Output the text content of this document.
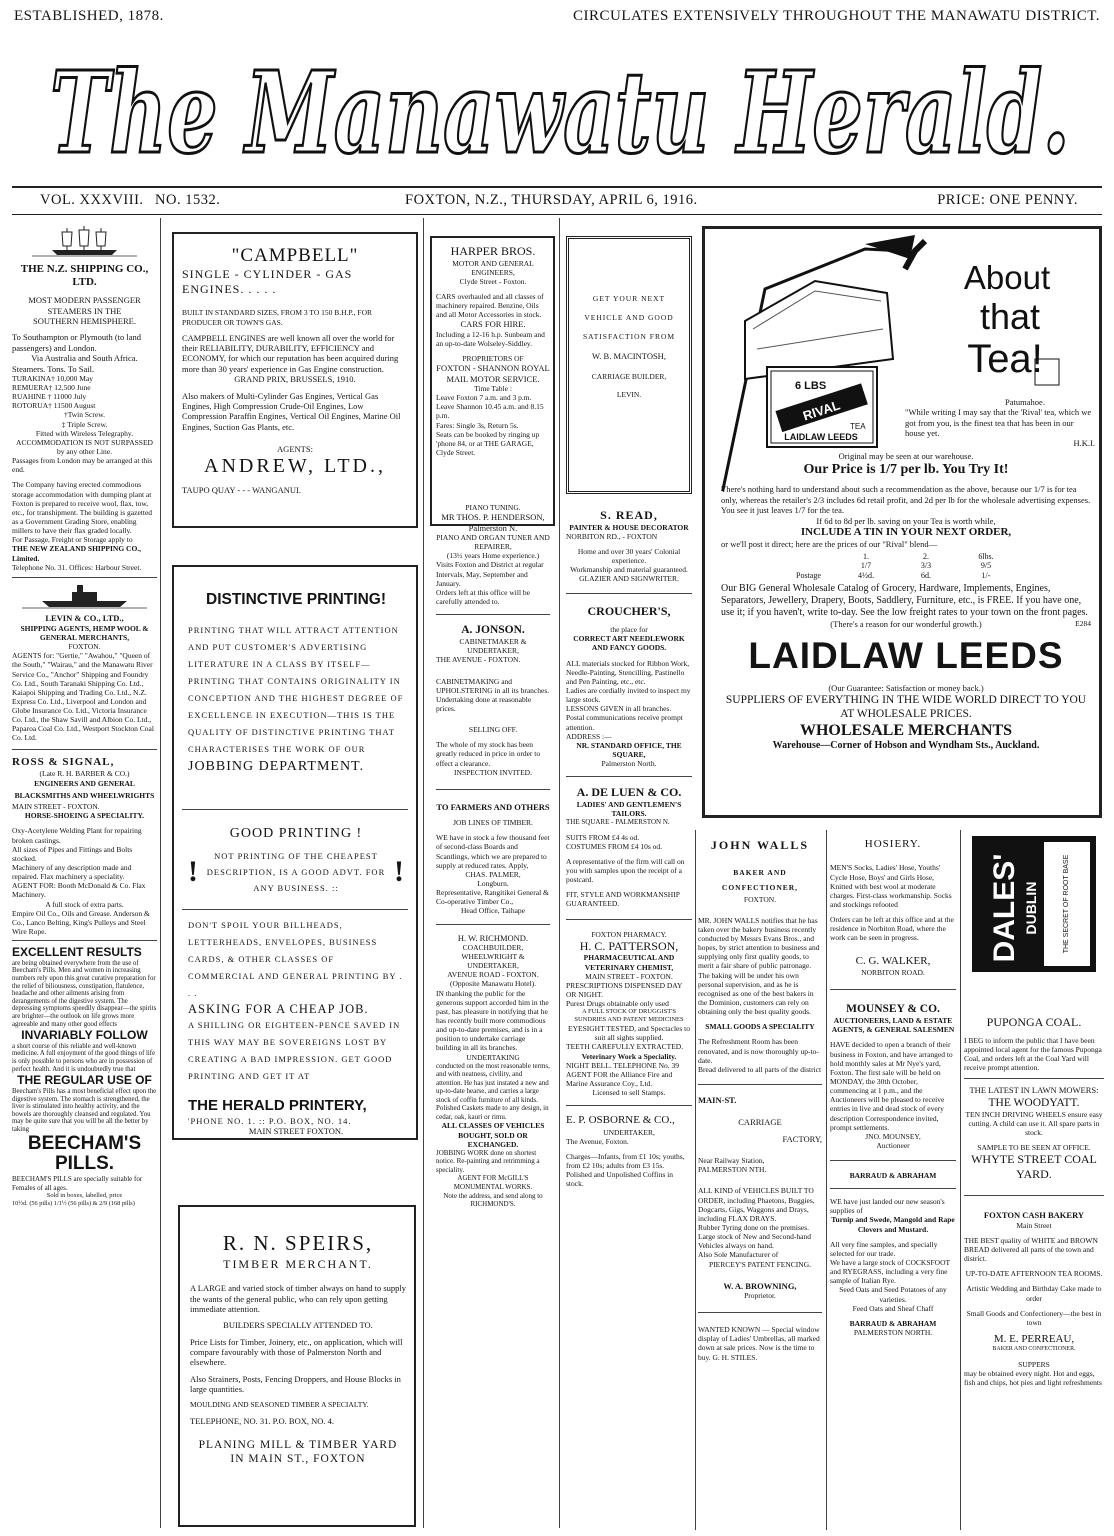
ESTABLISHED, 1878.	CIRCULATES EXTENSIVELY THROUGHOUT THE MANAWATU DISTRICT.
The Manawatu Herald.
VOL. XXXVIII. NO. 1532.	FOXTON, N.Z., THURSDAY, APRIL 6, 1916.	PRICE: ONE PENNY.

THE N.Z. SHIPPING CO., LTD.

MOST MODERN PASSENGER

STEAMERS IN THE

SOUTHERN HEMISPHERE.

To Southampton or Plymouth (to land passengers) and London.

Via Australia and South Africa.

Steamers. Tons. To Sail.

TURAKINA† 10,000 May

REMUERA† 12,500 June

RUAHINE † 11000 July

ROTORUA† 11500 August

†Twin Screw.

‡ Triple Screw.

Fitted with Wireless Telegraphy.

ACCOMMODATION IS NOT SURPASSED by any other Line.

Passages from London may be arranged at this end.

The Company having erected commodious storage accommodation with dumping plant at Foxton is prepared to receive wool, flax, tow, etc., for transhipment. The building is gazetted as a Government Grading Store, enabling millers to have their flax graded locally.

For Passage, Freight or Storage apply to

THE NEW ZEALAND SHIPPING CO., Limited.

Telephone No. 31. Offices: Harbour Street.

LEVIN & CO., LTD.,

SHIPPING AGENTS, HEMP WOOL & GENERAL MERCHANTS,

FOXTON.

AGENTS for: "Gertie," "Awahou," "Queen of the South," "Wairau," and the Manawatu River Service Co., "Anchor" Shipping and Foundry Co. Ltd., South Taranaki Shipping Co. Ltd., Kaiapoi Shipping and Trading Co. Ltd., N.Z. Express Co. Ltd., Liverpool and London and Globe Insurance Co. Ltd., Victoria Insurance Co. Ltd., the Shaw Savill and Albion Co. Ltd., Paparoa Coal Co. Ltd., Westport Stockton Coal Co. Ltd.

ROSS & SIGNAL,

(Late R. H. BARBER & CO.)

ENGINEERS AND GENERAL BLACKSMITHS AND WHEELWRIGHTS

MAIN STREET - FOXTON.

HORSE-SHOEING A SPECIALITY.

Oxy-Acetylene Welding Plant for repairing broken castings.

All sizes of Pipes and Fittings and Bolts stocked.

Machinery of any description made and repaired. Flax machinery a speciality.

AGENT FOR: Booth McDonald & Co. Flax Machinery.

A full stock of extra parts.

Empire Oil Co., Oils and Grease. Anderson & Co., Lanco Belting, King's Pulleys and Steel Wire Rope.

EXCELLENT RESULTS

are being obtained everywhere from the use of Beecham's Pills. Men and women in increasing numbers rely upon this great curative preparation for the relief of biliousness, constipation, flatulence, headache and other ailments arising from derangements of the digestive system. The depressing symptoms speedily disappear—the spirits are brighter—the outlook on life grows more agreeable and many other good effects

INVARIABLY FOLLOW

a short course of this reliable and well-known medicine. A full enjoyment of the good things of life is only possible to persons who are in possession of perfect health. And it is undoubtedly true that

THE REGULAR USE OF

Beecham's Pills has a most beneficial effect upon the digestive system. The stomach is strengthened, the liver is stimulated into healthy activity, and the bowels are thoroughly cleansed and regulated. You may be quite sure that you will be all the better by taking

BEECHAM'S

PILLS.

BEECHAM'S PILLS are specially suitable for Females of all ages.

Sold in boxes, labelled, price

10½d. (56 pills) 1/1½ (56 pills) & 2/9 (168 pills)

"CAMPBELL"

SINGLE - CYLINDER - GAS ENGINES. . . . .

BUILT IN STANDARD SIZES, FROM 3 TO 150 B.H.P., FOR PRODUCER OR TOWN'S GAS.

CAMPBELL ENGINES are well known all over the world for their RELIABILITY, DURABILITY, EFFICIENCY and ECONOMY, for which our reputation has been acquired during more than 30 years' experience in Gas Engine construction.

GRAND PRIX, BRUSSELS, 1910.

Also makers of Multi-Cylinder Gas Engines, Vertical Gas Engines, High Compression Crude-Oil Engines, Low Compression Paraffin Engines, Vertical Oil Engines, Marine Oil Engines, Suction Gas Plants, etc.

AGENTS:

ANDREW, LTD.,

TAUPO QUAY - - - WANGANUI.

DISTINCTIVE PRINTING!

PRINTING THAT WILL ATTRACT ATTENTION AND PUT CUSTOMER'S ADVERTISING LITERATURE IN A CLASS BY ITSELF—PRINTING THAT CONTAINS ORIGINALITY IN CONCEPTION AND THE HIGHEST DEGREE OF EXCELLENCE IN EXECUTION—THIS IS THE QUALITY OF DISTINCTIVE PRINTING THAT CHARACTERISES THE WORK OF OUR

JOBBING DEPARTMENT.

GOOD PRINTING !

!	NOT PRINTING OF THE CHEAPEST DESCRIPTION, IS A GOOD ADVT. FOR ANY BUSINESS. ::

!

DON'T SPOIL YOUR BILLHEADS, LETTERHEADS, ENVELOPES, BUSINESS CARDS, & OTHER CLASSES OF COMMERCIAL AND GENERAL PRINTING BY . . .

ASKING FOR A CHEAP JOB.

A SHILLING OR EIGHTEEN-PENCE SAVED IN THIS WAY MAY BE SOVEREIGNS LOST BY CREATING A BAD IMPRESSION. GET GOOD PRINTING AND GET IT AT

THE HERALD PRINTERY,

'PHONE NO. 1. :: P.O. BOX, NO. 14.

MAIN STREET FOXTON.

R. N. SPEIRS,

TIMBER MERCHANT.

A LARGE and varied stock of timber always on hand to supply the wants of the general public, who can rely upon getting immediate attention.

BUILDERS SPECIALLY ATTENDED TO.

Price Lists for Timber, Joinery, etc., on application, which will compare favourably with those of Palmerston North and elsewhere.

Also Strainers, Posts, Fencing Droppers, and House Blocks in large quantities.

MOULDING AND SEASONED TIMBER A SPECIALTY.

TELEPHONE, NO. 31. P.O. BOX, NO. 4.

PLANING MILL & TIMBER YARD IN MAIN ST., FOXTON

HARPER BROS.

MOTOR AND GENERAL ENGINEERS,

Clyde Street - Foxton.

CARS overhauled and all classes of machinery repaired. Benzine, Oils and all Motor Accessories in stock.

CARS FOR HIRE.

Including a 12-16 h.p. Sunbeam and an up-to-date Wolseley-Siddley.

PROPRIETORS OF

FOXTON - SHANNON ROYAL MAIL MOTOR SERVICE.

Time Table :

Leave Foxton 7 a.m. and 3 p.m.

Leave Shannon 10.45 a.m. and 8.15 p.m.

Fares: Single 3s, Return 5s.

Seats can be booked by ringing up 'phone 84, or at THE GARAGE, Clyde Street.

PIANO TUNING.

MR THOS. P. HENDERSON, Palmerston N.

PIANO AND ORGAN TUNER AND REPAIRER,

(13½ years Home experience.)

Visits Foxton and District at regular Intervals, May, September and January.

Orders left at this office will be carefully attended to.

A. JONSON.

CABINETMAKER & UNDERTAKER,

THE AVENUE - FOXTON.

CABINETMAKING and UPHOLSTERING in all its branches. Undertaking done at reasonable prices.

SELLING OFF.

The whole of my stock has been greatly reduced in price in order to effect a clearance.

INSPECTION INVITED.

TO FARMERS AND OTHERS

JOB LINES OF TIMBER.

WE have in stock a few thousand feet of second-class Boards and Scantlings, which we are prepared to supply at reduced rates. Apply,

CHAS. PALMER,

Longburn.

Representative, Rangitikei General & Co-operative Timber Co.,

Head Office, Taihape

H. W. RICHMOND.

COACHBUILDER, WHEELWRIGHT & UNDERTAKER,

AVENUE ROAD - FOXTON. (Opposite Manawatu Hotel).

IN thanking the public for the generous support accorded him in the past, has pleasure in notifying that he has recently built more commodious and up-to-date premises, and is in a position to undertake carriage building in all its branches.

UNDERTAKING

conducted on the most reasonable terms, and with neatness, civility, and attention. He has just instated a new and up-to-date hearse, and carries a large stock of coffin furniture of all kinds. Polished Caskets made to any design, in cedar, oak, kauri or rimu.

ALL CLASSES OF VEHICLES BOUGHT, SOLD OR EXCHANGED.

JOBBING WORK done on shortest notice. Re-painting and retrimming a speciality.

AGENT FOR McGILL'S MONUMENTAL WORKS.

Note the address, and send along to RICHMOND'S.

GET YOUR NEXT

VEHICLE AND GOOD

SATISFACTION FROM

W. B. MACINTOSH,

CARRIAGE BUILDER,

LEVIN.

S. READ,

PAINTER & HOUSE DECORATOR

NORBITON RD., - FOXTON

Home and over 30 years' Colonial experience.

Workmanship and material guaranteed.

GLAZIER AND SIGNWRITER.

CROUCHER'S,

the place for

CORRECT ART NEEDLEWORK AND FANCY GOODS.

ALL materials stocked for Ribbon Work, Needle-Painting, Stencilling, Pastinello and Pen Painting, etc., etc.

Ladies are cordially invited to inspect my large stock.

LESSONS GIVEN in all branches.

Postal communications receive prompt attention.

ADDRESS :—

NR. STANDARD OFFICE, THE SQUARE,

Palmerston North.

A. DE LUEN & CO.

LADIES' AND GENTLEMEN'S TAILORS.

THE SQUARE - PALMERSTON N.

SUITS FROM £4 4s od.

COSTUMES FROM £4 10s od.

A representative of the firm will call on you with samples upon the receipt of a postcard.

FIT, STYLE AND WORKMANSHIP GUARANTEED.

FOXTON PHARMACY.

H. C. PATTERSON,

PHARMACEUTICAL AND VETERINARY CHEMIST,

MAIN STREET - FOXTON.

PRESCRIPTIONS DISPENSED DAY OR NIGHT.

Purest Drugs obtainable only used

A FULL STOCK OF DRUGGIST'S SUNDRIES AND PATENT MEDICINES

EYESIGHT TESTED, and Spectacles to suit all sights supplied.

TEETH CAREFULLY EXTRACTED.

Veterinary Work a Speciality.

NIGHT BELL. TELEPHONE No. 39

AGENT FOR the Alliance Fire and Marine Assurance Coy., Ltd.

Licensed to sell Stamps.

E. P. OSBORNE & CO.,

UNDERTAKER,

The Avenue, Foxton.

Charges—Infants, from £1 10s; youths, from £2 10s; adults from £3 15s.

Polished and Unpolished Coffins in stock.

6 LBS
RIVAL
TEA
LAIDLAW LEEDS
About
that
Tea!

Patumahoe.

"While writing I may say that the 'Rival' tea, which we got from you, is the finest tea that has been in our house yet.

H.K.I.

Original may be seen at our warehouse.

Our Price is 1/7 per lb. You Try It!

There's nothing hard to understand about such a recommendation as the above, because our 1/7 is for tea only, whereas the retailer's 2/3 includes 6d retail profit, and 2d per lb for the wholesale advertising expenses. You see it just leaves 1/7 for the tea.

If 6d to 8d per lb. saving on your Tea is worth while,

INCLUDE A TIN IN YOUR NEXT ORDER,

or we'll post it direct; here are the prices of our "Rival" blend—

	1.	2.	6lbs.
	1/7	3/3	9/5
Postage	4½d.	6d.	1/-

Our BIG General Wholesale Catalog of Grocery, Hardware, Implements, Engines, Separators, Jewellery, Drapery, Boots, Saddlery, Furniture, etc., is FREE. If you have one, use it; if you haven't, write to-day. See the low freight rates to your town on the front pages.

(There's a reason for our wonderful growth.)	E284

LAIDLAW LEEDS

(Our Guarantee: Satisfaction or money back.)

SUPPLIERS OF EVERYTHING IN THE WIDE WORLD DIRECT TO YOU AT WHOLESALE PRICES.

WHOLESALE MERCHANTS

Warehouse—Corner of Hobson and Wyndham Sts., Auckland.

JOHN WALLS

BAKER AND CONFECTIONER,

FOXTON.

MR. JOHN WALLS notifies that he has taken over the bakery business recently conducted by Messrs Evans Bros., and hopes, by strict attention to business and supplying only first quality goods, to merit a fair share of public patronage.

The baking will be under his own personal supervision, and as he is recognised as one of the best bakers in the Dominion, customers can rely on obtaining only the best quality goods.

SMALL GOODS A SPECIALITY

The Refreshment Room has been renovated, and is now thoroughly up-to-date.

Bread delivered to all parts of the district

MAIN-ST.

CARRIAGE

FACTORY,

Near Railway Station,

PALMERSTON NTH.

ALL KIND of VEHICLES BUILT TO ORDER, including Phaetons, Buggies, Dogcarts, Gigs, Waggons and Drays, including FLAX DRAYS.

Rubber Tyring done on the premises.

Large stock of New and Second-hand Vehicles always on hand.

Also Sole Manufacturer of

PIERCEY'S PATENT FENCING.

W. A. BROWNING,

Proprietor.

WANTED KNOWN — Special window display of Ladies' Umbrellas, all marked down at sale prices. Now is the time to buy. G. H. STILES.

HOSIERY.

MEN'S Socks, Ladies' Hose, Youths' Cycle Hose, Boys' and Girls Hose, Knitted with best wool at moderate charges. First-class workmanship. Socks and stockings refooted

Orders can be left at this office and at the residence in Norbiton Road, where the work can be seen in progress.

C. G. WALKER,

NORBITON ROAD.

MOUNSEY & CO.

AUCTIONEERS, LAND & ESTATE AGENTS, & GENERAL SALESMEN

HAVE decided to open a branch of their business in Foxton, and have arranged to hold monthly sales at Mr Nye's yard, Foxton. The first sale will be held on MONDAY, the 30th October, commencing at 1 p.m., and the Auctioneers will be pleased to receive entries in live and dead stock of every description Correspondence invited, prompt settlements.

JNO. MOUNSEY,

Auctioneer

BARRAUD & ABRAHAM

WE have just landed our new season's supplies of

Turnip and Swede, Mangold and Rape Clovers and Mustard.

All very fine samples, and specially selected for our trade.

We have a large stock of COCKSFOOT and RYEGRASS, including a very fine sample of Italian Rye.

Seed Oats and Seed Potatoes of any varieties.

Feed Oats and Sheaf Chaff

BARRAUD & ABRAHAM

PALMERSTON NORTH.

DALES' DUBLIN	THE SECRET OF ROOT BASE

PUPONGA COAL.

I BEG to inform the public that I have been appointed local agent for the famous Puponga Coal, and orders left at the Coal Yard will receive prompt attention.

THE LATEST IN LAWN MOWERS:

THE WOODYATT.

TEN INCH DRIVING WHEELS ensure easy cutting. A child can use it. All spare parts in stock.

SAMPLE TO BE SEEN AT OFFICE.

WHYTE STREET COAL YARD.

FOXTON CASH BAKERY

Main Street

THE BEST quality of WHITE and BROWN BREAD delivered all parts of the town and district.

UP-TO-DATE AFTERNOON TEA ROOMS.

Artistic Wedding and Birthday Cake made to order

Small Goods and Confectionery—the best in town

M. E. PERREAU,

BAKER AND CONFECTIONER.

SUPPERS

may be obtained every night. Hot and eggs, fish and chips, hot pies and light refreshments
